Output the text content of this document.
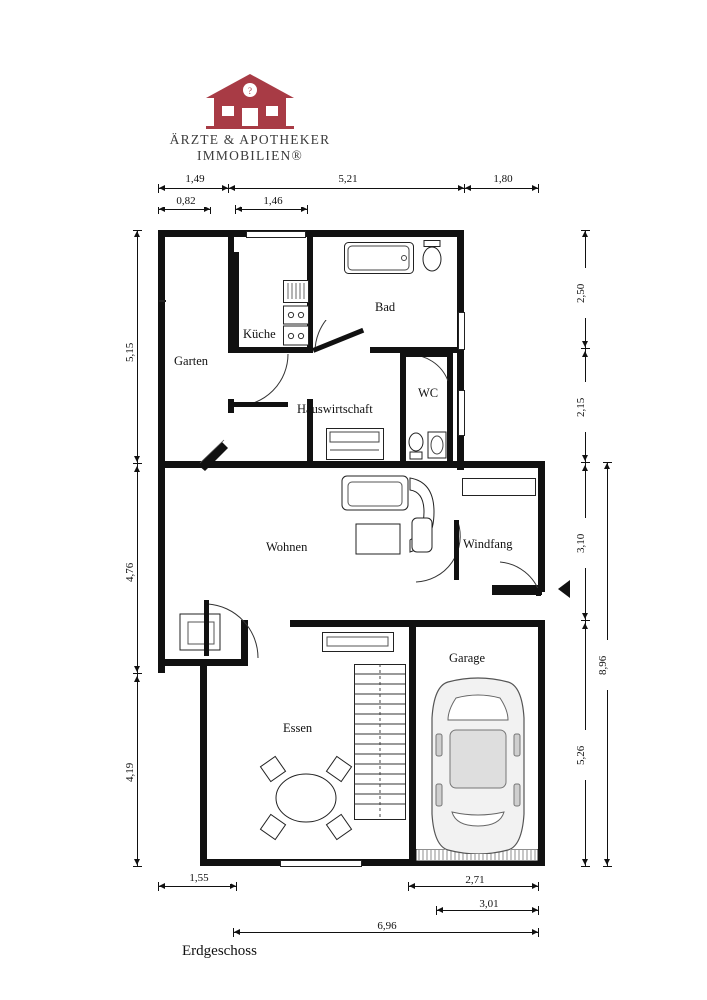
?
ÄRZTE & APOTHEKER
IMMOBILIEN®
1,49	5,21	1,80
0,82	1,46
5,15
4,76
4,19
2,50
2,15
3,10
5,26
8,96
1,55	2,71
3,01
6,96
Garten
Küche
Bad
WC
Hauswirtschaft
Wohnen	Windfang
Essen
Garage
Erdgeschoss
